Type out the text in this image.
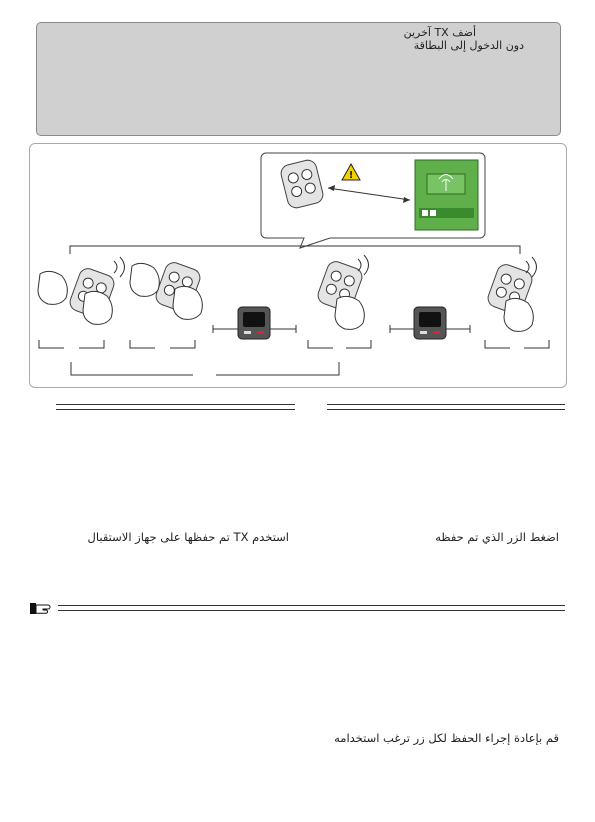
أضف TX آخرين
دون الدخول إلى البطاقة
!
استخدم TX تم حفظها على جهاز الاستقبال	اضغط الزر الذي تم حفظه
قم بإعادة إجراء الحفظ لكل زر ترغب استخدامه
